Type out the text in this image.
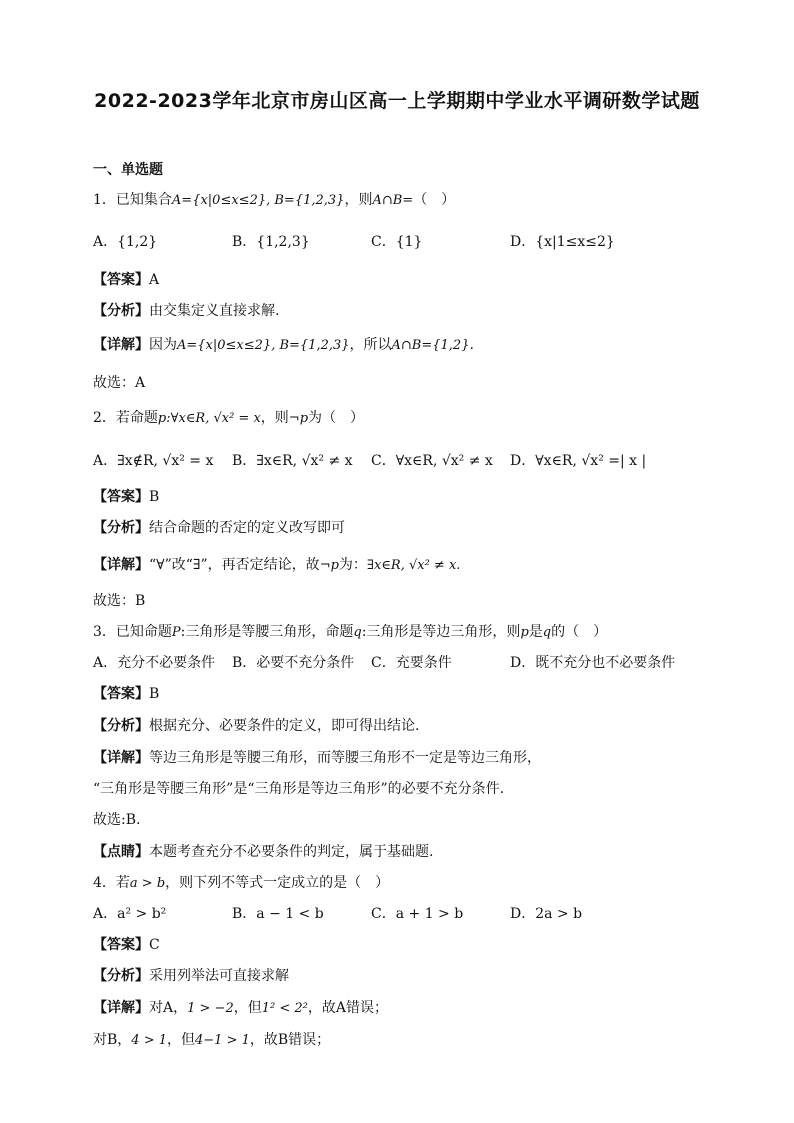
2022-2023学年北京市房山区高一上学期期中学业水平调研数学试题
一、单选题
1．已知集合A={x|0≤x≤2}, B={1,2,3}，则A∩B=（　）
A．{1,2}	B．{1,2,3}	C．{1}	D．{x|1≤x≤2}
【答案】A
【分析】由交集定义直接求解.
【详解】因为A={x|0≤x≤2}, B={1,2,3}，所以A∩B={1,2}.
故选：A
2．若命题p:∀x∈R, √x² = x，则¬p为（　）
A．∃x∉R, √x² = x B．∃x∈R, √x² ≠ x C．∀x∈R, √x² ≠ x D．∀x∈R, √x² =| x |
【答案】B
【分析】结合命题的否定的定义改写即可
【详解】“∀”改“∃”，再否定结论，故¬p为：∃x∈R, √x² ≠ x.
故选：B
3．已知命题P:三角形是等腰三角形，命题q:三角形是等边三角形，则p是q的（　）
A．充分不必要条件 B．必要不充分条件 C．充要条件	D．既不充分也不必要条件
【答案】B
【分析】根据充分、必要条件的定义，即可得出结论.
【详解】等边三角形是等腰三角形，而等腰三角形不一定是等边三角形，
“三角形是等腰三角形”是“三角形是等边三角形”的必要不充分条件.
故选:B.
【点睛】本题考查充分不必要条件的判定，属于基础题.
4．若a > b，则下列不等式一定成立的是（　）
A．a² > b²	B．a − 1 < b	C．a + 1 > b	D．2a > b
【答案】C
【分析】采用列举法可直接求解
【详解】对A，1 > −2，但1² < 2²，故A错误；
对B，4 > 1，但4−1 > 1，故B错误；
